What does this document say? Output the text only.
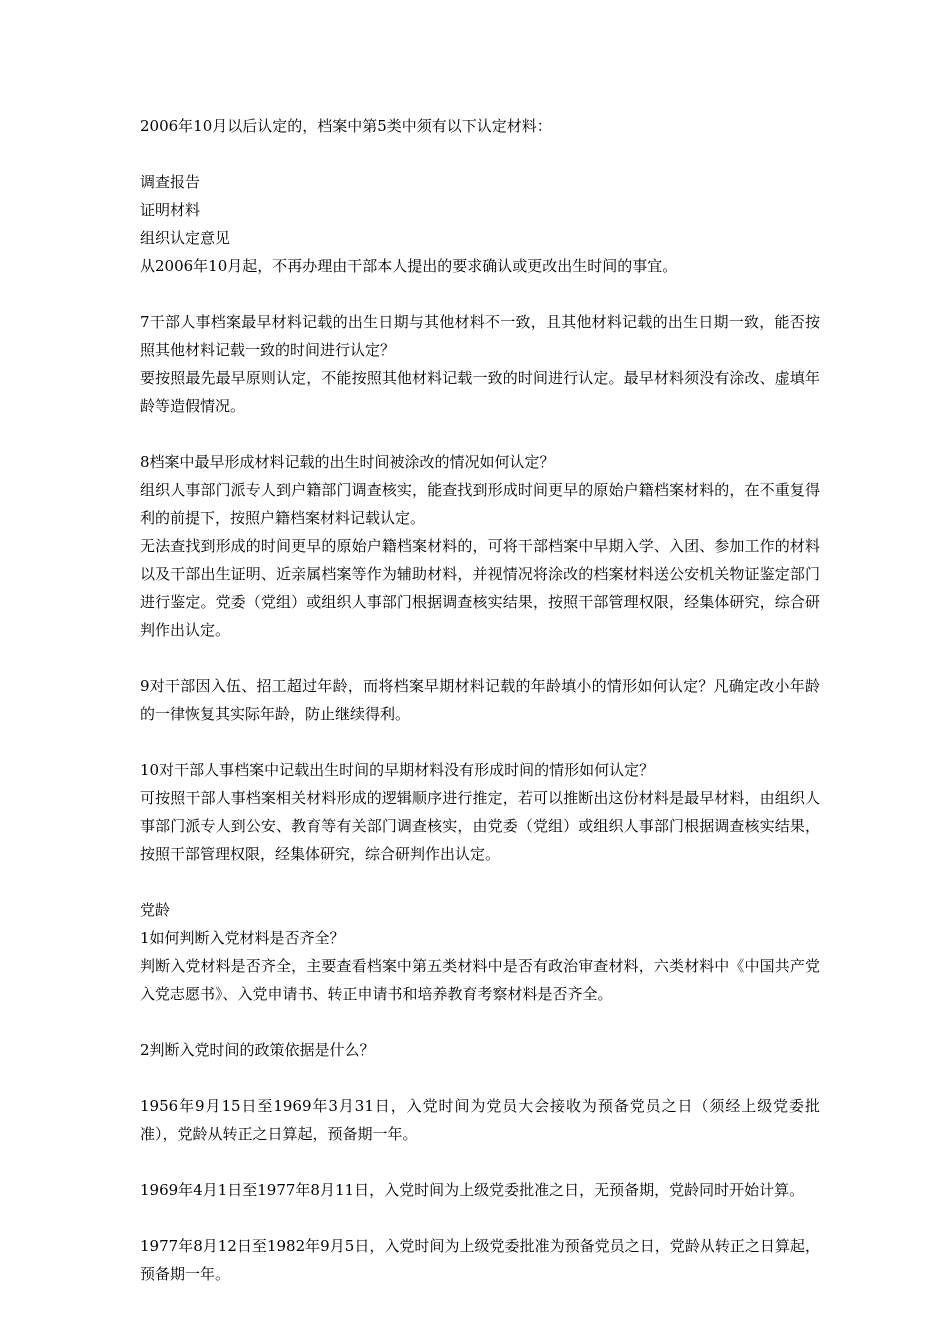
2006年10月以后认定的，档案中第5类中须有以下认定材料：

调查报告

证明材料

组织认定意见

从2006年10月起，不再办理由干部本人提出的要求确认或更改出生时间的事宜。

7干部人事档案最早材料记载的出生日期与其他材料不一致，且其他材料记载的出生日期一致，能否按照其他材料记载一致的时间进行认定？

要按照最先最早原则认定，不能按照其他材料记载一致的时间进行认定。最早材料须没有涂改、虚填年龄等造假情况。

8档案中最早形成材料记载的出生时间被涂改的情况如何认定？

组织人事部门派专人到户籍部门调查核实，能查找到形成时间更早的原始户籍档案材料的，在不重复得利的前提下，按照户籍档案材料记载认定。

无法查找到形成的时间更早的原始户籍档案材料的，可将干部档案中早期入学、入团、参加工作的材料以及干部出生证明、近亲属档案等作为辅助材料，并视情况将涂改的档案材料送公安机关物证鉴定部门进行鉴定。党委（党组）或组织人事部门根据调查核实结果，按照干部管理权限，经集体研究，综合研判作出认定。

9对干部因入伍、招工超过年龄，而将档案早期材料记载的年龄填小的情形如何认定？凡确定改小年龄的一律恢复其实际年龄，防止继续得利。

10对干部人事档案中记载出生时间的早期材料没有形成时间的情形如何认定？

可按照干部人事档案相关材料形成的逻辑顺序进行推定，若可以推断出这份材料是最早材料，由组织人事部门派专人到公安、教育等有关部门调查核实，由党委（党组）或组织人事部门根据调查核实结果，按照干部管理权限，经集体研究，综合研判作出认定。

党龄

1如何判断入党材料是否齐全？

判断入党材料是否齐全，主要查看档案中第五类材料中是否有政治审查材料，六类材料中《中国共产党入党志愿书》、入党申请书、转正申请书和培养教育考察材料是否齐全。

2判断入党时间的政策依据是什么？

1956年9月15日至1969年3月31日，入党时间为党员大会接收为预备党员之日（须经上级党委批准），党龄从转正之日算起，预备期一年。

1969年4月1日至1977年8月11日，入党时间为上级党委批准之日，无预备期，党龄同时开始计算。

1977年8月12日至1982年9月5日，入党时间为上级党委批准为预备党员之日，党龄从转正之日算起，预备期一年。
